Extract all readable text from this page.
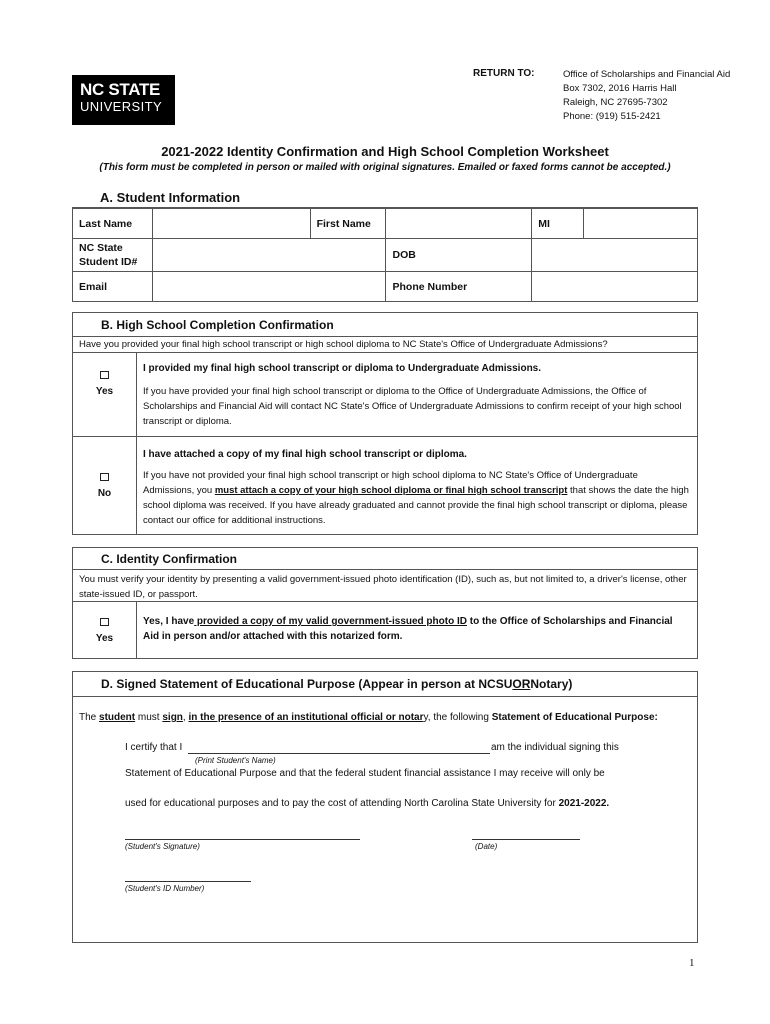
NC STATE
UNIVERSITY
RETURN TO:	Office of Scholarships and Financial Aid
Box 7302, 2016 Harris Hall
Raleigh, NC 27695-7302
Phone: (919) 515-2421
2021-2022 Identity Confirmation and High School Completion Worksheet
(This form must be completed in person or mailed with original signatures. Emailed or faxed forms cannot be accepted.)
A. Student Information
Last Name		First Name		MI	
NC State Student ID#			DOB		
Email			Phone Number		
B. High School Completion Confirmation
Have you provided your final high school transcript or high school diploma to NC State's Office of Undergraduate Admissions?
Yes
I provided my final high school transcript or diploma to Undergraduate Admissions.
If you have provided your final high school transcript or diploma to the Office of Undergraduate Admissions, the Office of Scholarships and Financial Aid will contact NC State's Office of Undergraduate Admissions to confirm receipt of your high school transcript or diploma.
No
I have attached a copy of my final high school transcript or diploma.
If you have not provided your final high school transcript or high school diploma to NC State's Office of Undergraduate Admissions, you must attach a copy of your high school diploma or final high school transcript that shows the date the high school diploma was received. If you have already graduated and cannot provide the final high school transcript or diploma, please contact our office for additional instructions.
C. Identity Confirmation
You must verify your identity by presenting a valid government-issued photo identification (ID), such as, but not limited to, a driver's license, other state-issued ID, or passport.
Yes
Yes, I have provided a copy of my valid government-issued photo ID to the Office of Scholarships and Financial Aid in person and/or attached with this notarized form.
D. Signed Statement of Educational Purpose (Appear in person at NCSU OR Notary)
The student must sign, in the presence of an institutional official or notary, the following Statement of Educational Purpose:
I certify that I	am the individual signing this
(Print Student's Name)
Statement of Educational Purpose and that the federal student financial assistance I may receive will only be
used for educational purposes and to pay the cost of attending North Carolina State University for 2021-2022.
(Student's Signature)	(Date)
(Student's ID Number)
1
